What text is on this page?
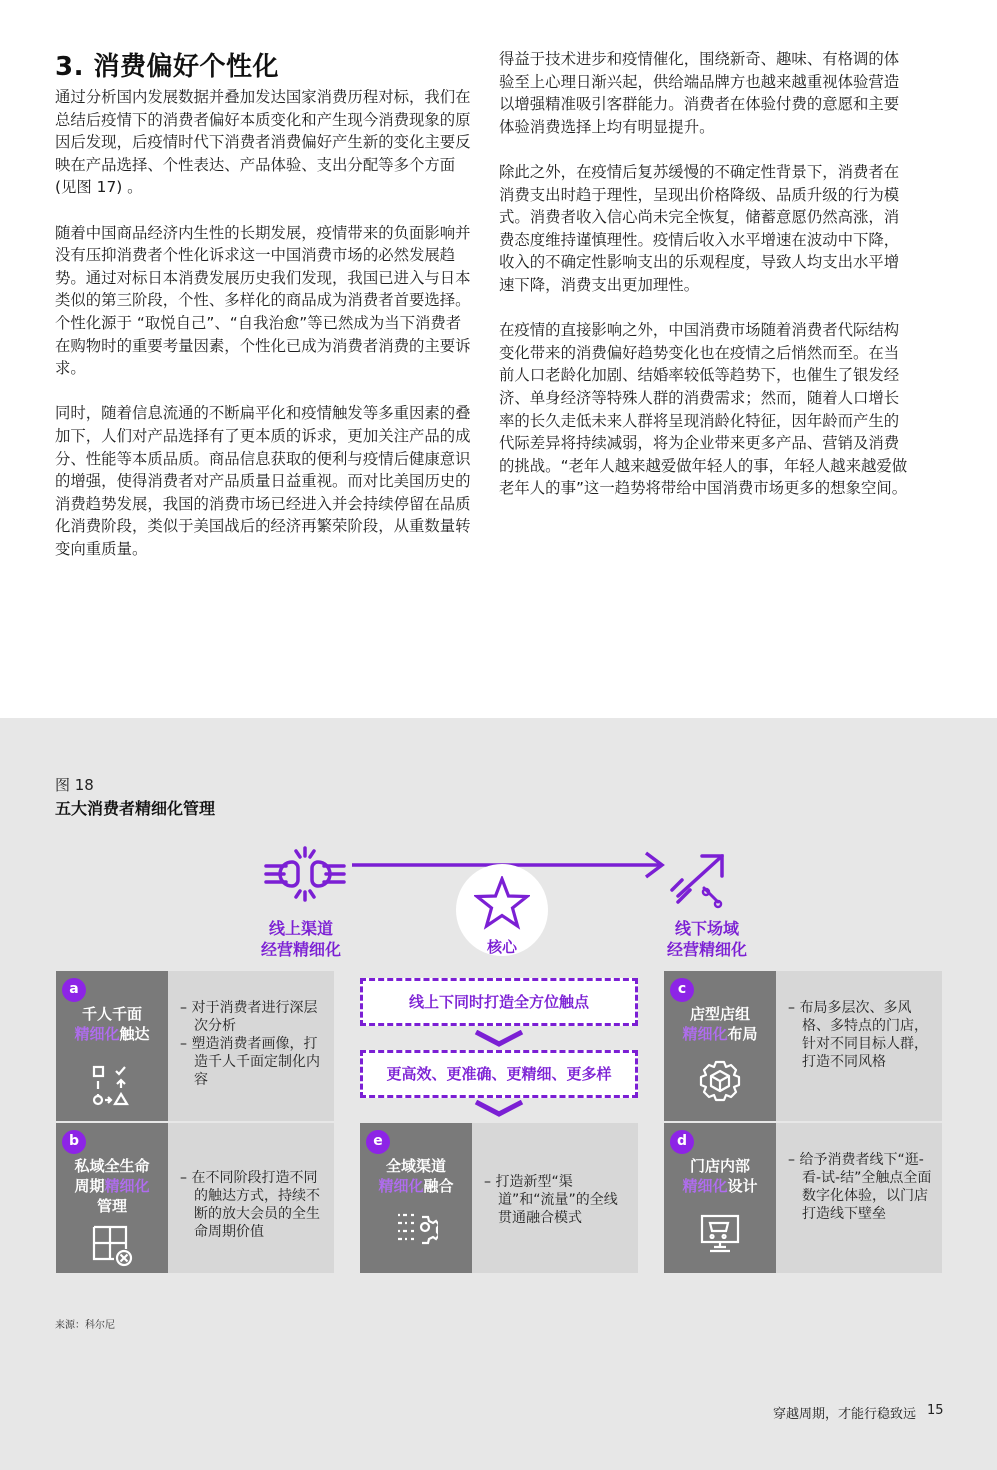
3. 消费偏好个性化

通过分析国内发展数据并叠加发达国家消费历程对标，我们在总结后疫情下的消费者偏好本质变化和产生现今消费现象的原因后发现，后疫情时代下消费者消费偏好产生新的变化主要反映在产品选择、个性表达、产品体验、支出分配等多个方面 (见图 17) 。

随着中国商品经济内生性的长期发展，疫情带来的负面影响并没有压抑消费者个性化诉求这一中国消费市场的必然发展趋势。通过对标日本消费发展历史我们发现，我国已进入与日本类似的第三阶段，个性、多样化的商品成为消费者首要选择。个性化源于 “取悦自己”、“自我治愈”等已然成为当下消费者在购物时的重要考量因素，个性化已成为消费者消费的主要诉求。

同时，随着信息流通的不断扁平化和疫情触发等多重因素的叠加下，人们对产品选择有了更本质的诉求，更加关注产品的成分、性能等本质品质。商品信息获取的便利与疫情后健康意识的增强，使得消费者对产品质量日益重视。而对比美国历史的消费趋势发展，我国的消费市场已经进入并会持续停留在品质化消费阶段，类似于美国战后的经济再繁荣阶段，从重数量转变向重质量。

得益于技术进步和疫情催化，围绕新奇、趣味、有格调的体验至上心理日渐兴起，供给端品牌方也越来越重视体验营造以增强精准吸引客群能力。消费者在体验付费的意愿和主要体验消费选择上均有明显提升。

除此之外，在疫情后复苏缓慢的不确定性背景下，消费者在消费支出时趋于理性，呈现出价格降级、品质升级的行为模式。消费者收入信心尚未完全恢复，储蓄意愿仍然高涨，消费态度维持谨慎理性。疫情后收入水平增速在波动中下降，收入的不确定性影响支出的乐观程度，导致人均支出水平增速下降，消费支出更加理性。

在疫情的直接影响之外，中国消费市场随着消费者代际结构变化带来的消费偏好趋势变化也在疫情之后悄然而至。在当前人口老龄化加剧、结婚率较低等趋势下，也催生了银发经济、单身经济等特殊人群的消费需求；然而，随着人口增长率的长久走低未来人群将呈现消龄化特征，因年龄而产生的代际差异将持续减弱，将为企业带来更多产品、营销及消费的挑战。“老年人越来越爱做年轻人的事，年轻人越来越爱做老年人的事”这一趋势将带给中国消费市场更多的想象空间。

图 18
五大消费者精细化管理
线上渠道
经营精细化
线下场域
经营精细化
核心
线上下同时打造全方位触点
更高效、更准确、更精细、更多样
a
千人千面
精细化触达
– 对于消费者进行深层次分析
– 塑造消费者画像，打造千人千面定制化内容
b
私域全生命
周期精细化
管理
– 在不同阶段打造不同的触达方式，持续不断的放大会员的全生命周期价值
e
全域渠道
精细化融合	– 打造新型“渠道”和“流量”的全线贯通融合模式
c
店型店组
精细化布局
– 布局多层次、多风格、多特点的门店，针对不同目标人群，打造不同风格
d
门店内部
精细化设计
– 给予消费者线下“逛-看-试-结”全触点全面数字化体验，以门店打造线下壁垒
来源：科尔尼
穿越周期，才能行稳致远 15
